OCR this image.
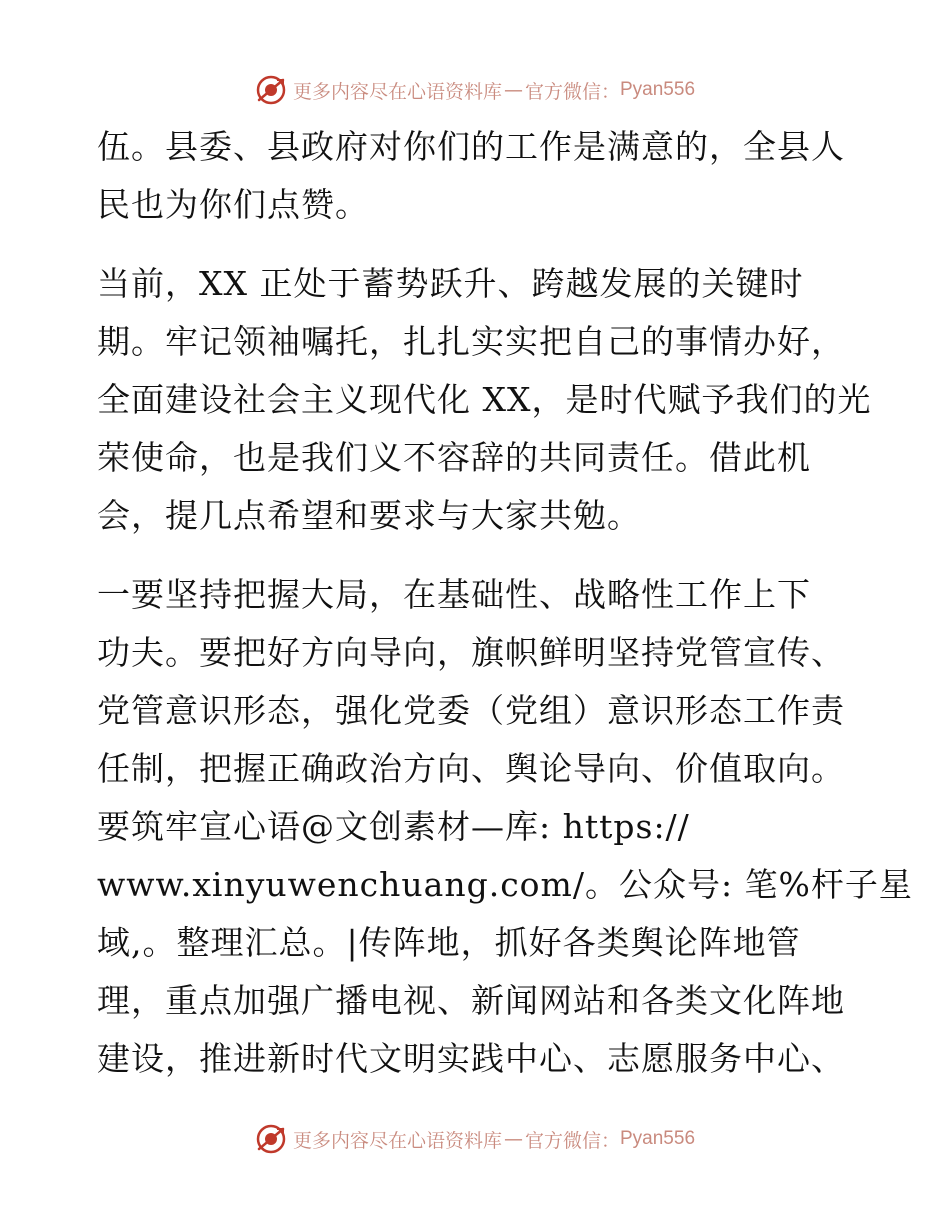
更多内容尽在心语资料库 — 官方微信： Pyan556

伍。县委、县政府对你们的工作是满意的，全县人
民也为你们点赞。

当前，XX 正处于蓄势跃升、跨越发展的关键时
期。牢记领袖嘱托，扎扎实实把自己的事情办好，
全面建设社会主义现代化 XX，是时代赋予我们的光
荣使命，也是我们义不容辞的共同责任。借此机
会，提几点希望和要求与大家共勉。

一要坚持把握大局，在基础性、战略性工作上下
功夫。要把好方向导向，旗帜鲜明坚持党管宣传、
党管意识形态，强化党委（党组）意识形态工作责
任制，把握正确政治方向、舆论导向、价值取向。
要筑牢宣心语@文创素材—库: https://
www.xinyuwenchuang.com/。公众号: 笔%杆子星
域,。整理汇总。|传阵地，抓好各类舆论阵地管
理，重点加强广播电视、新闻网站和各类文化阵地
建设，推进新时代文明实践中心、志愿服务中心、

更多内容尽在心语资料库 — 官方微信： Pyan556
